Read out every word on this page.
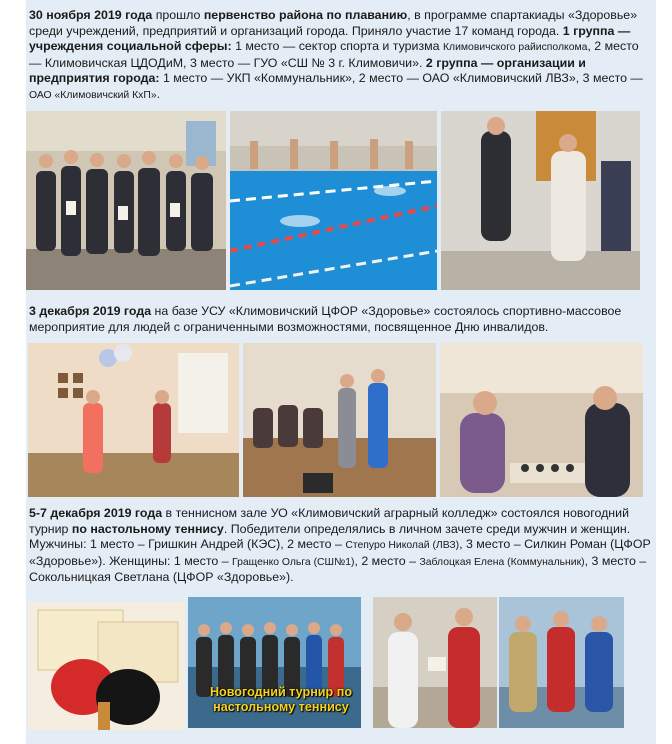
30 ноября 2019 года прошло первенство района по плаванию, в программе спартакиады «Здоровье» среди учреждений, предприятий и организаций города. Приняло участие 17 команд города. 1 группа — учреждения социальной сферы: 1 место — сектор спорта и туризма Климовичского райисполкома, 2 место — Климовичская ЦДОДиМ, 3 место — ГУО «СШ № 3 г. Климовичи». 2 группа — организации и предприятия города: 1 место — УКП «Коммунальник», 2 место — ОАО «Климовичский ЛВЗ», 3 место — ОАО «Климовичский КхП».

3 декабря 2019 года на базе УСУ «Климовичский ЦФОР «Здоровье» состоялось спортивно-массовое мероприятие для людей с ограниченными возможностями, посвященное Дню инвалидов.

5-7 декабря 2019 года в теннисном зале УО «Климовичский аграрный колледж» состоялся новогодний турнир по настольному теннису. Победители определялись в личном зачете среди мужчин и женщин. Мужчины: 1 место – Гришкин Андрей (КЭС), 2 место – Степуро Николай (ЛВЗ), 3 место – Силкин Роман (ЦФОР «Здоровье»). Женщины: 1 место – Гращенко Ольга (СШ№1), 2 место – Заблоцкая Елена (Коммунальник), 3 место – Сокольницкая Светлана (ЦФОР «Здоровье»).

Новогодний турнир по настольному теннису
